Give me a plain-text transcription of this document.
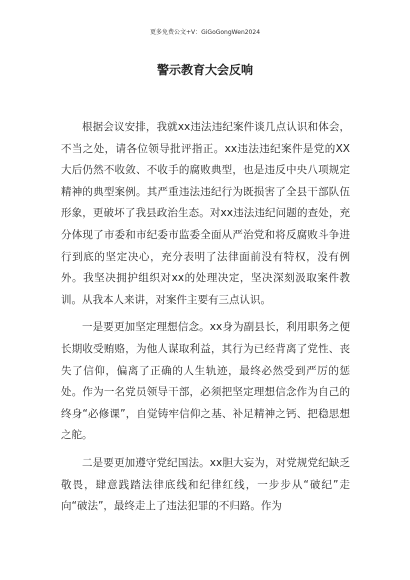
更多免费公文+V：GiGoGongWen2024
警示教育大会反响

根据会议安排，我就xx违法违纪案件谈几点认识和体会，不当之处，请各位领导批评指正。xx违法违纪案件是党的XX大后仍然不收敛、不收手的腐败典型，也是违反中央八项规定精神的典型案例。其严重违法违纪行为既损害了全县干部队伍形象，更破坏了我县政治生态。对xx违法违纪问题的查处，充分体现了市委和市纪委市监委全面从严治党和将反腐败斗争进行到底的坚定决心，充分表明了法律面前没有特权，没有例外。我坚决拥护组织对xx的处理决定，坚决深刻汲取案件教训。从我本人来讲，对案件主要有三点认识。

一是要更加坚定理想信念。xx身为副县长，利用职务之便长期收受贿赂，为他人谋取利益，其行为已经背离了党性、丧失了信仰，偏离了正确的人生轨迹，最终必然受到严厉的惩处。作为一名党员领导干部，必须把坚定理想信念作为自己的终身“必修课”，自觉铸牢信仰之基、补足精神之钙、把稳思想之舵。

二是要更加遵守党纪国法。xx胆大妄为，对党规党纪缺乏敬畏，肆意践踏法律底线和纪律红线，一步步从“破纪”走向“破法”，最终走上了违法犯罪的不归路。作为
